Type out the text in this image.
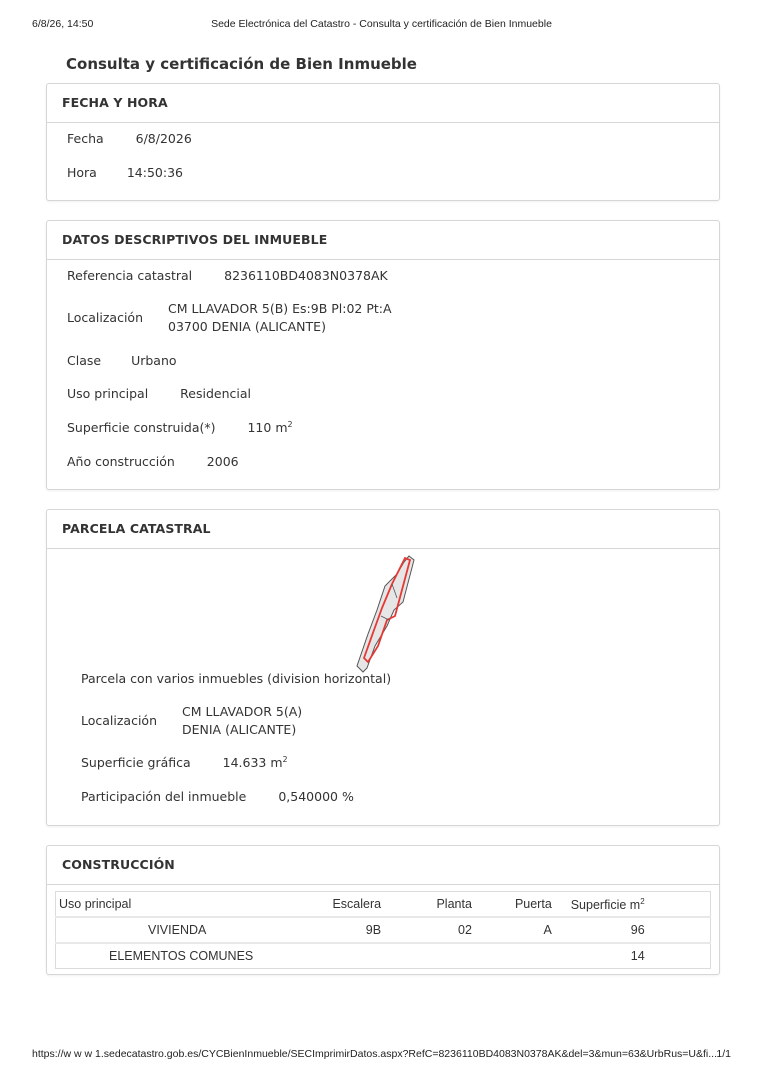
6/8/26, 14:50	Sede Electrónica del Catastro - Consulta y certificación de Bien Inmueble
Consulta y certificación de Bien Inmueble
FECHA Y HORA
Fecha	6/8/2026
Hora 14:50:36
DATOS DESCRIPTIVOS DEL INMUEBLE
Referencia catastral	8236110BD4083N0378AK
Localización
CM LLAVADOR 5(B) Es:9B Pl:02 Pt:A
03700 DENIA (ALICANTE)
Clase Urbano
Uso principal	Residencial
Superficie construida(*)	110 $m^2$
Año construcción	2006
PARCELA CATASTRAL
Parcela con varios inmuebles (division horizontal)
Localización
CM LLAVADOR 5(A)
DENIA (ALICANTE)
Superficie gráfica	14.633 $m^2$
Participación del inmueble	0,540000 %
CONSTRUCCIÓN
Uso principal	Escalera	Planta	Puerta	Superficie $m^2$	
VIVIENDA	9B	02	A	96	
ELEMENTOS COMUNES				14	
https://w w w 1.sedecatastro.gob.es/CYCBienInmueble/SECImprimirDatos.aspx?RefC=8236110BD4083N0378AK&del=3&mun=63&UrbRus=U&fi... 1/1
